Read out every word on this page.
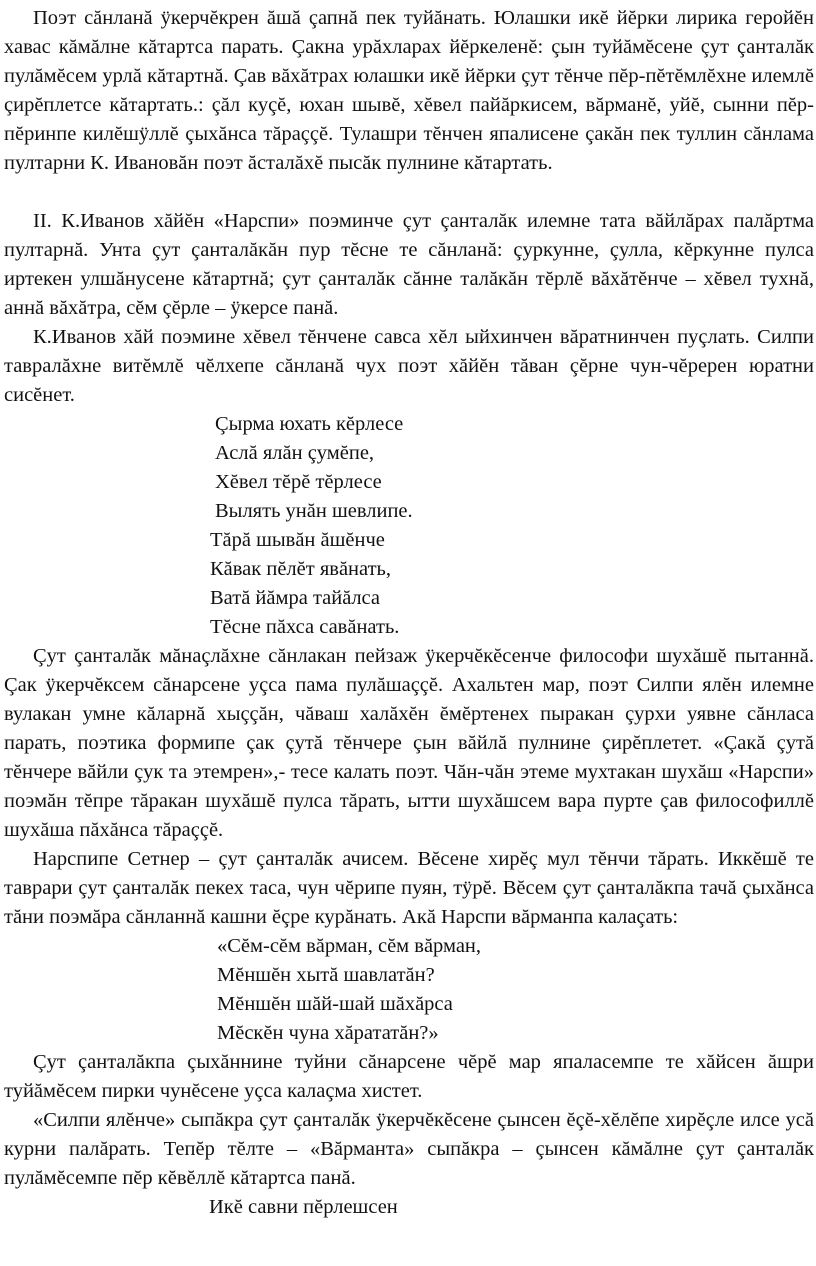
Поэт сăнланă ÿкерчĕкрен ăшă çапнă пек туйăнать. Юлашки икĕ йĕрки лирика геройĕн хавас кăмăлне кăтартса парать. Çакна урăхларах йĕркеленĕ: çын туйăмĕсене çут çанталăк пулăмĕсем урлă кăтартнă. Çав вăхăтрах юлашки икĕ йĕрки çут тĕнче пĕр-пĕтĕмлĕхне илемлĕ çирĕплетсе кăтартать.: çăл куçĕ, юхан шывĕ, хĕвел пайăркисем, вăрманĕ, уйĕ, сынни пĕр-пĕринпе килĕшÿллĕ çыхăнса тăраççĕ. Тулашри тĕнчен япалисене çакăн пек туллин сăнлама пултарни К. Ивановăн поэт ăсталăхĕ пысăк пулнине кăтартать.

II. К.Иванов хăйĕн «Нарспи» поэминче çут çанталăк илемне тата вăйлăрах палăртма пултарнă. Унта çут çанталăкăн пур тĕсне те сăнланă: çуркунне, çулла, кĕркунне пулса иртекен улшăнусене кăтартнă; çут çанталăк сăнне талăкăн тĕрлĕ вăхăтĕнче – хĕвел тухнă, аннă вăхăтра, сĕм çĕрле – ÿкерсе панă.

К.Иванов хăй поэмине хĕвел тĕнчене савса хĕл ыйхинчен вăратнинчен пуçлать. Силпи тавралăхне витĕмлĕ чĕлхепе сăнланă чух поэт хăйĕн тăван çĕрне чун-чĕререн юратни сисĕнет.

Çырма юхать кĕрлесе
Аслă ялăн çумĕпе,
Хĕвел тĕрĕ тĕрлесе
Вылять унăн шевлипе.
Тăрă шывăн ăшĕнче
Кăвак пĕлĕт явăнать,
Ватă йăмра тайăлса
Тĕсне пăхса савăнать.

Çут çанталăк мăнаçлăхне сăнлакан пейзаж ÿкерчĕкĕсенче философи шухăшĕ пытаннă. Çак ÿкерчĕксем сăнарсене уçса пама пулăшаççĕ. Ахальтен мар, поэт Силпи ялĕн илемне вулакан умне кăларнă хыççăн, чăваш халăхĕн ĕмĕртенех пыракан çурхи уявне сăнласа парать, поэтика формипе çак çутă тĕнчере çын вăйлă пулнине çирĕплетет. «Çакă çутă тĕнчере вăйли çук та этемрен»,- тесе калать поэт. Чăн-чăн этеме мухтакан шухăш «Нарспи» поэмăн тĕпре тăракан шухăшĕ пулса тăрать, ытти шухăшсем вара пурте çав философиллĕ шухăша пăхăнса тăраççĕ.

Нарспипе Сетнер – çут çанталăк ачисем. Вĕсене хирĕç мул тĕнчи тăрать. Иккĕшĕ те таврари çут çанталăк пекех таса, чун чĕрипе пуян, тÿрĕ. Вĕсем çут çанталăкпа тачă çыхăнса тăни поэмăра сăнланнă кашни ĕçре курăнать. Акă Нарспи вăрманпа калаçать:

«Сĕм-сĕм вăрман, сĕм вăрман,
Мĕншĕн хытă шавлатăн?
Мĕншĕн шăй-шай шăхăрса
Мĕскĕн чуна хăрататăн?»

Çут çанталăкпа çыхăннине туйни сăнарсене чĕрĕ мар япаласемпе те хăйсен ăшри туйăмĕсем пирки чунĕсене уçса калаçма хистет.

«Силпи ялĕнче» сыпăкра çут çанталăк ÿкерчĕкĕсене çынсен ĕçĕ-хĕлĕпе хирĕçле илсе усă курни палăрать. Тепĕр тĕлте – «Вăрманта» сыпăкра – çынсен кăмăлне çут çанталăк пулăмĕсемпе пĕр кĕвĕллĕ кăтартса панă.

Икĕ савни пĕрлешсен
